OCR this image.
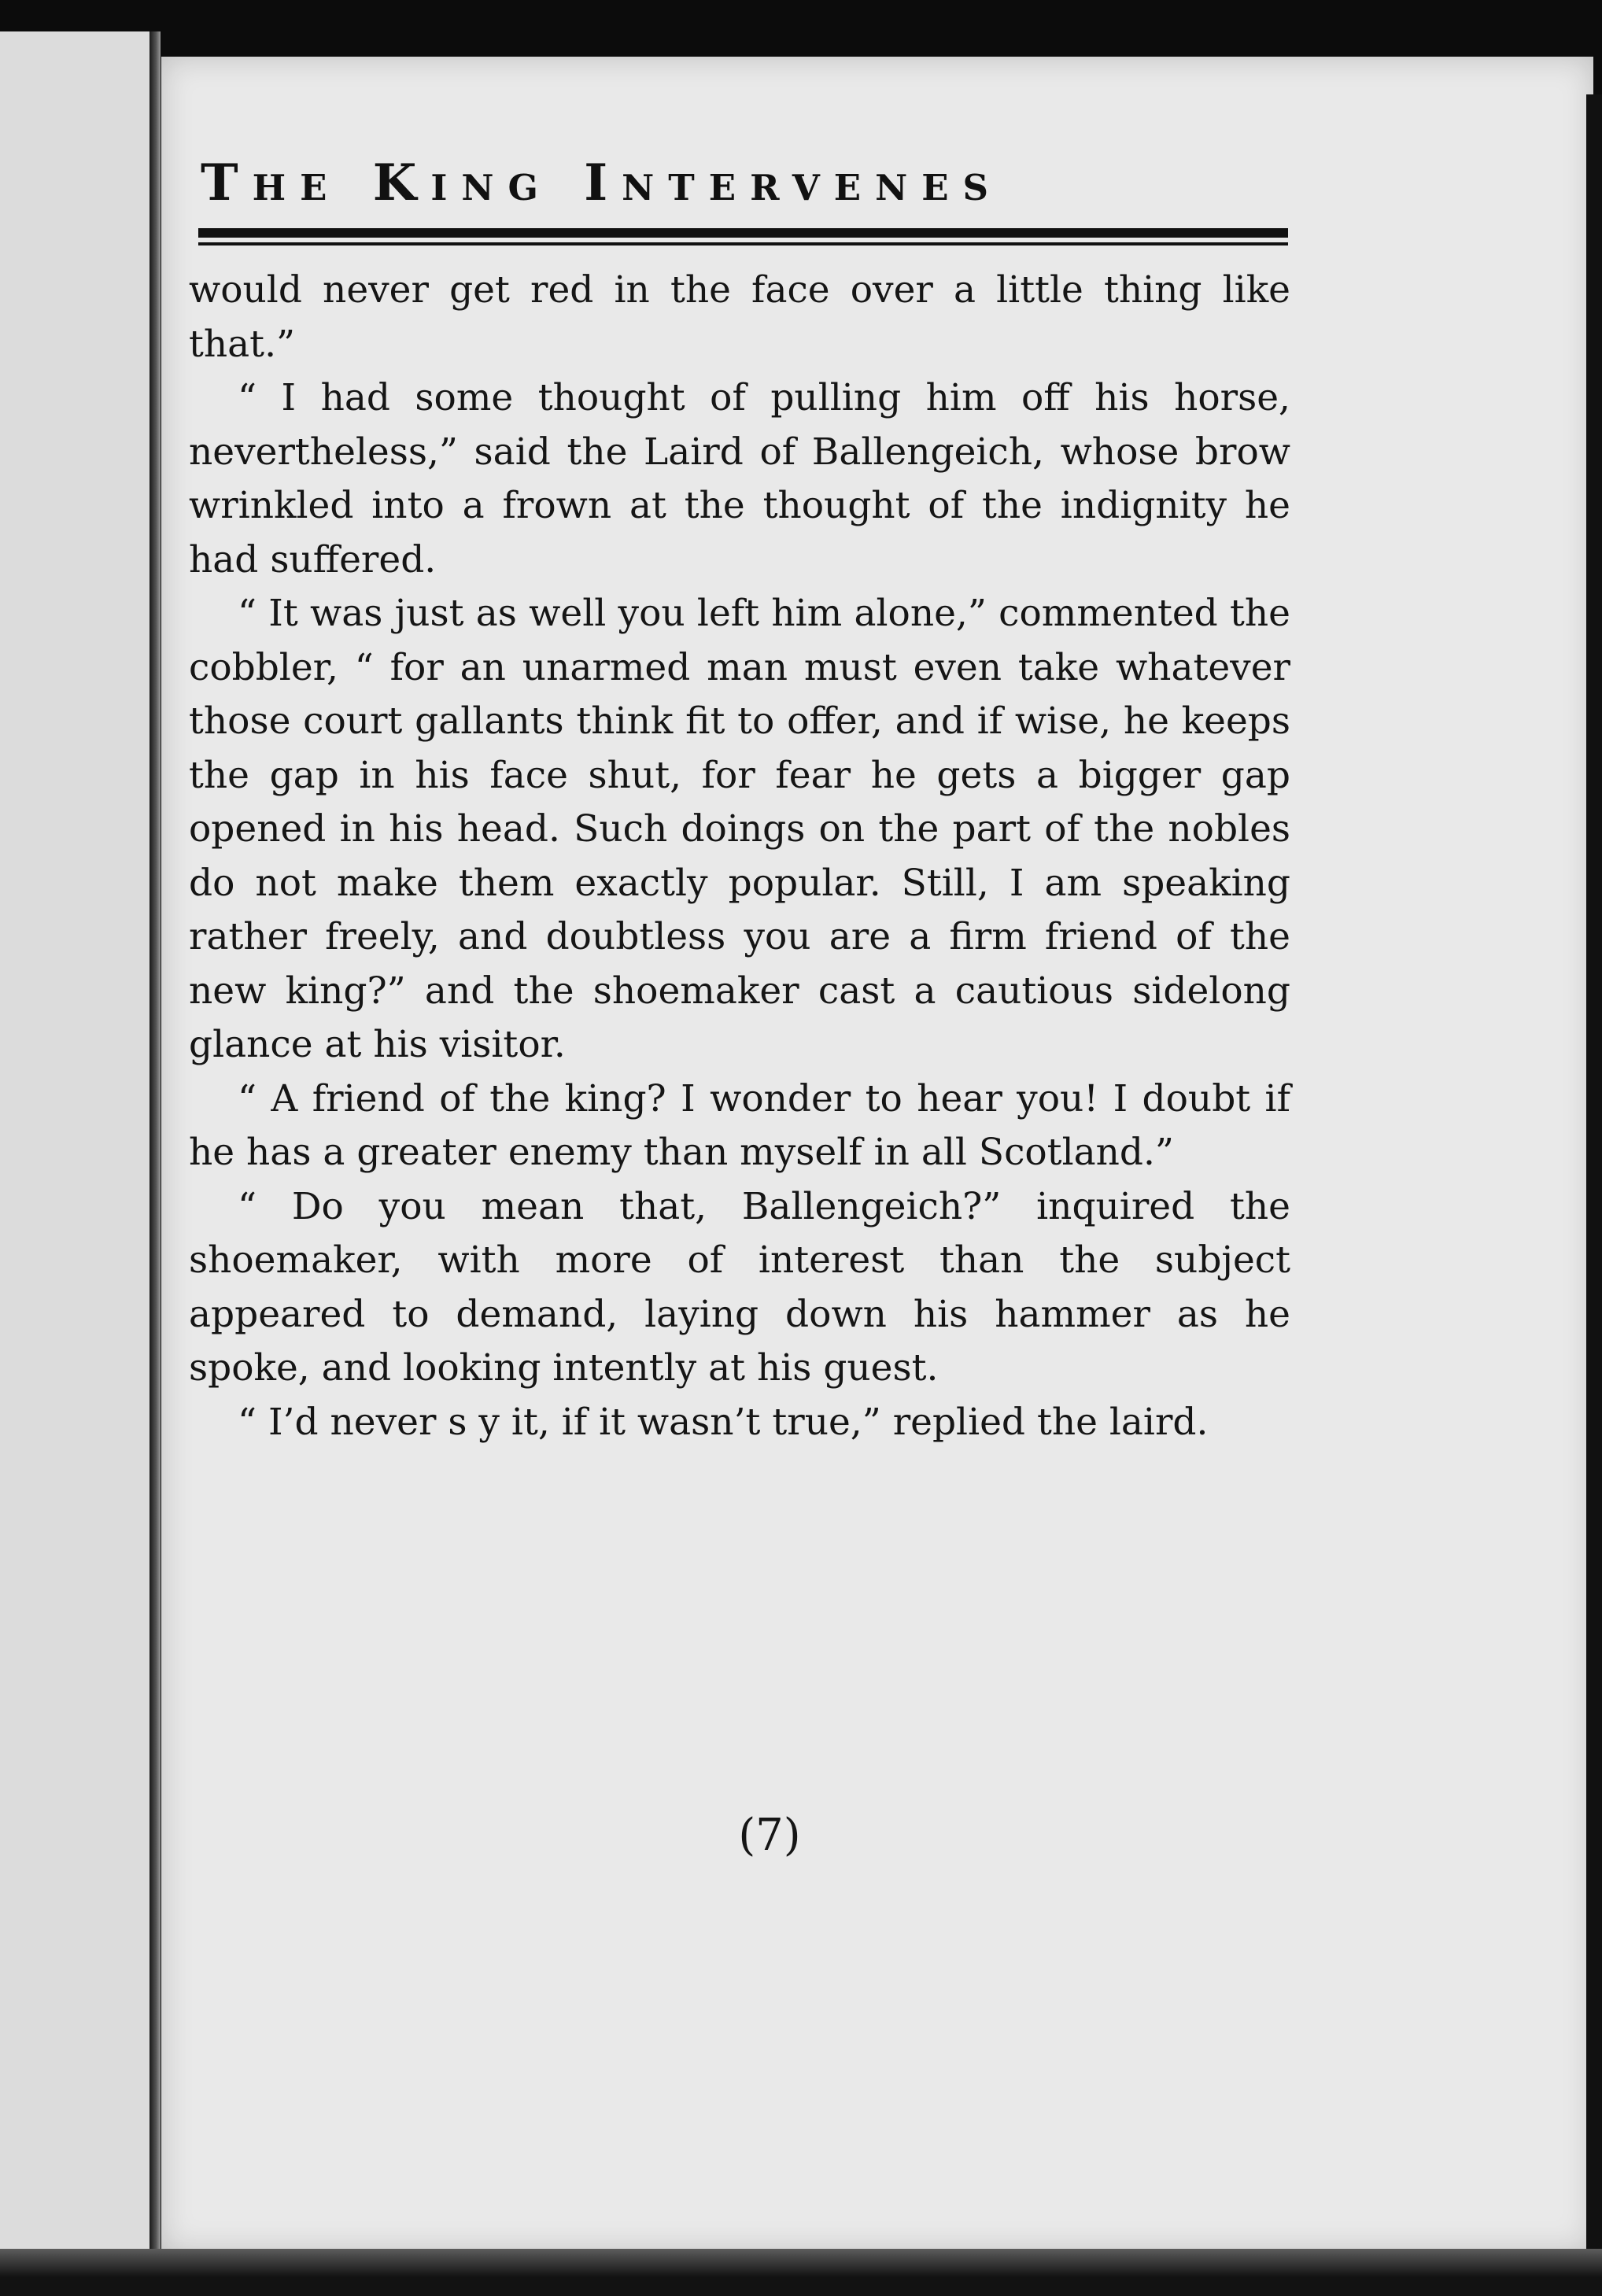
The King Intervenes

would never get red in the face over a little thing like that.”

“ I had some thought of pulling him off his horse, nevertheless,” said the Laird of Ballengeich, whose brow wrinkled into a frown at the thought of the indignity he had suffered.

“ It was just as well you left him alone,” commented the cobbler, “ for an unarmed man must even take whatever those court gallants think fit to offer, and if wise, he keeps the gap in his face shut, for fear he gets a bigger gap opened in his head. Such doings on the part of the nobles do not make them exactly popular. Still, I am speaking rather freely, and doubtless you are a firm friend of the new king?” and the shoemaker cast a cautious sidelong glance at his visitor.

“ A friend of the king? I wonder to hear you! I doubt if he has a greater enemy than myself in all Scotland.”

“ Do you mean that, Ballengeich?” inquired the shoemaker, with more of interest than the subject appeared to demand, laying down his hammer as he spoke, and looking intently at his guest.

“ I’d never s y it, if it wasn’t true,” replied the laird.

(7)
